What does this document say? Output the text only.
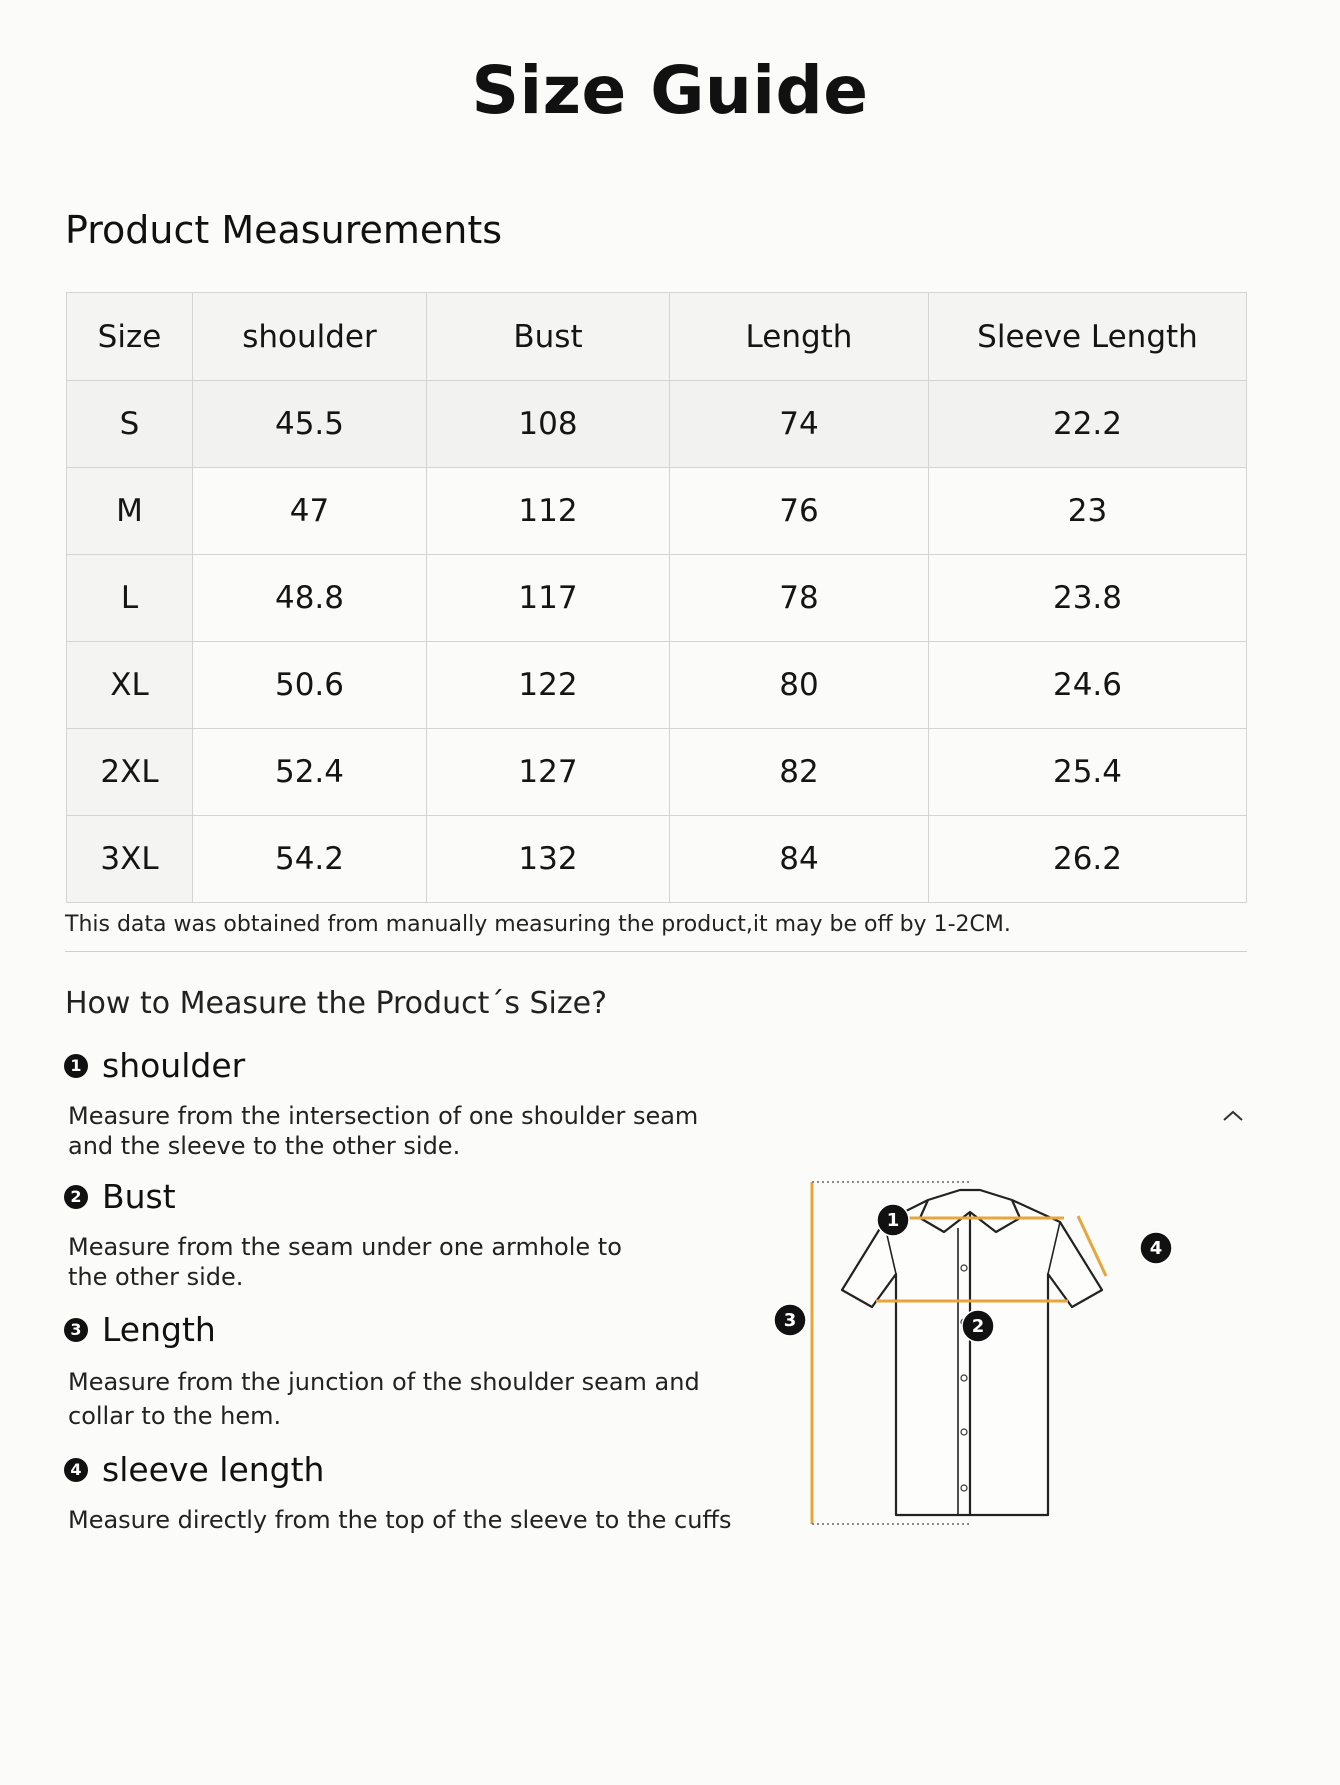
Size Guide
Product Measurements
Size	shoulder	Bust	Length	Sleeve Length
S	45.5	108	74	22.2
M	47	112	76	23
L	48.8	117	78	23.8
XL	50.6	122	80	24.6
2XL	52.4	127	82	25.4
3XL	54.2	132	84	26.2
This data was obtained from manually measuring the product,it may be off by 1-2CM.
How to Measure the Product´s Size?
1 shoulder
Measure from the intersection of one shoulder seam and the sleeve to the other side.
2 Bust
Measure from the seam under one armhole to the other side.
3 Length
Measure from the junction of the shoulder seam and collar to the hem.
4 sleeve length
Measure directly from the top of the sleeve to the cuffs
1
2
3
4
